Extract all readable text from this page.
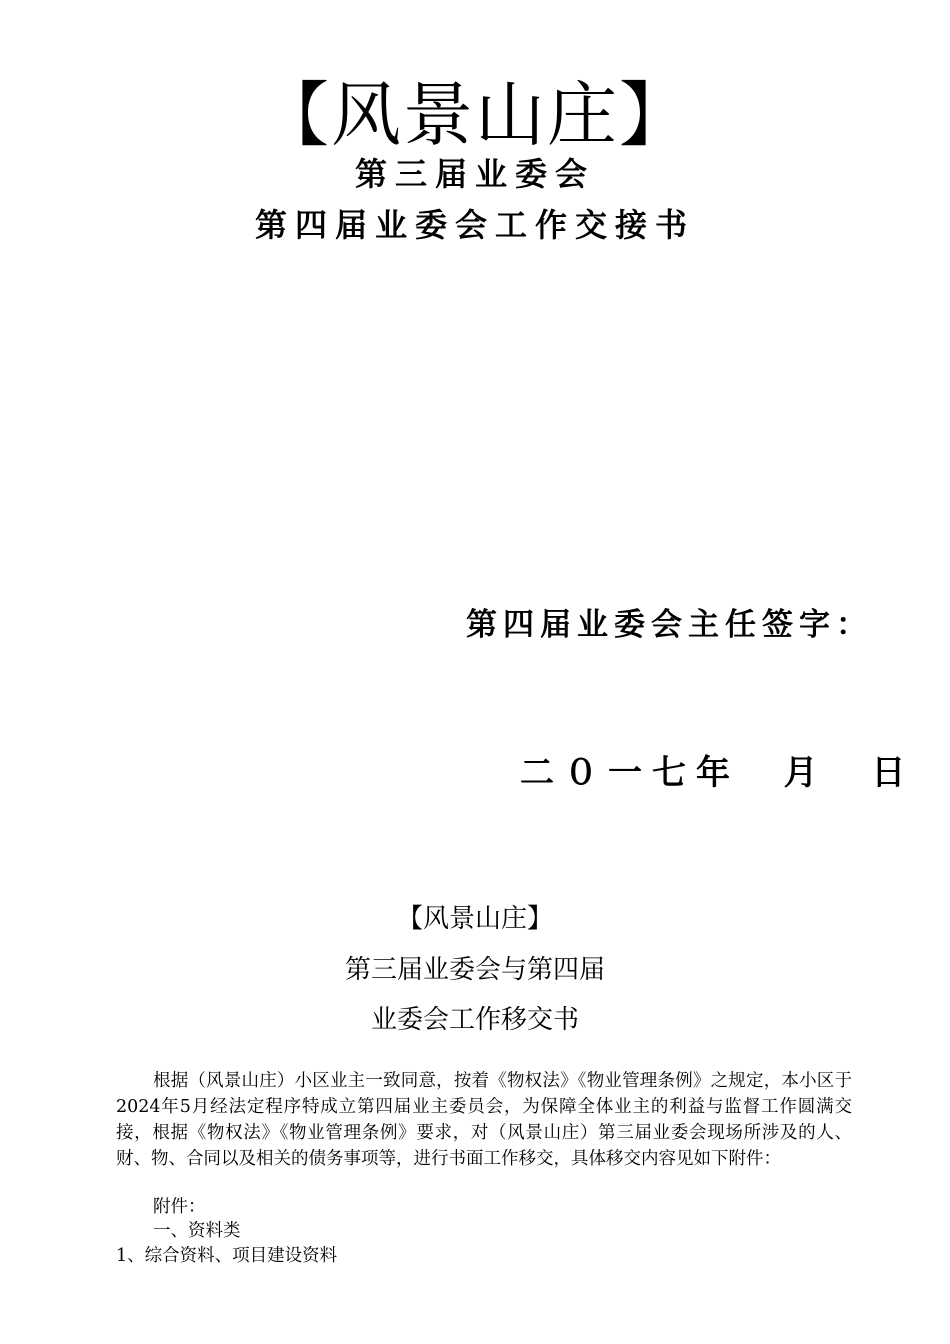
【风景山庄】
第三届业委会
第四届业委会工作交接书
第四届业委会主任签字：
二０一七年  月  日
【风景山庄】
第三届业委会与第四届
业委会工作移交书

根据（风景山庄）小区业主一致同意，按着《物权法》《物业管理条例》之规定，本小区于2024年5月经法定程序特成立第四届业主委员会，为保障全体业主的利益与监督工作圆满交接，根据《物权法》《物业管理条例》要求，对（风景山庄）第三届业委会现场所涉及的人、财、物、合同以及相关的债务事项等，进行书面工作移交，具体移交内容见如下附件：

附件：

一、资料类

1、综合资料、项目建设资料
